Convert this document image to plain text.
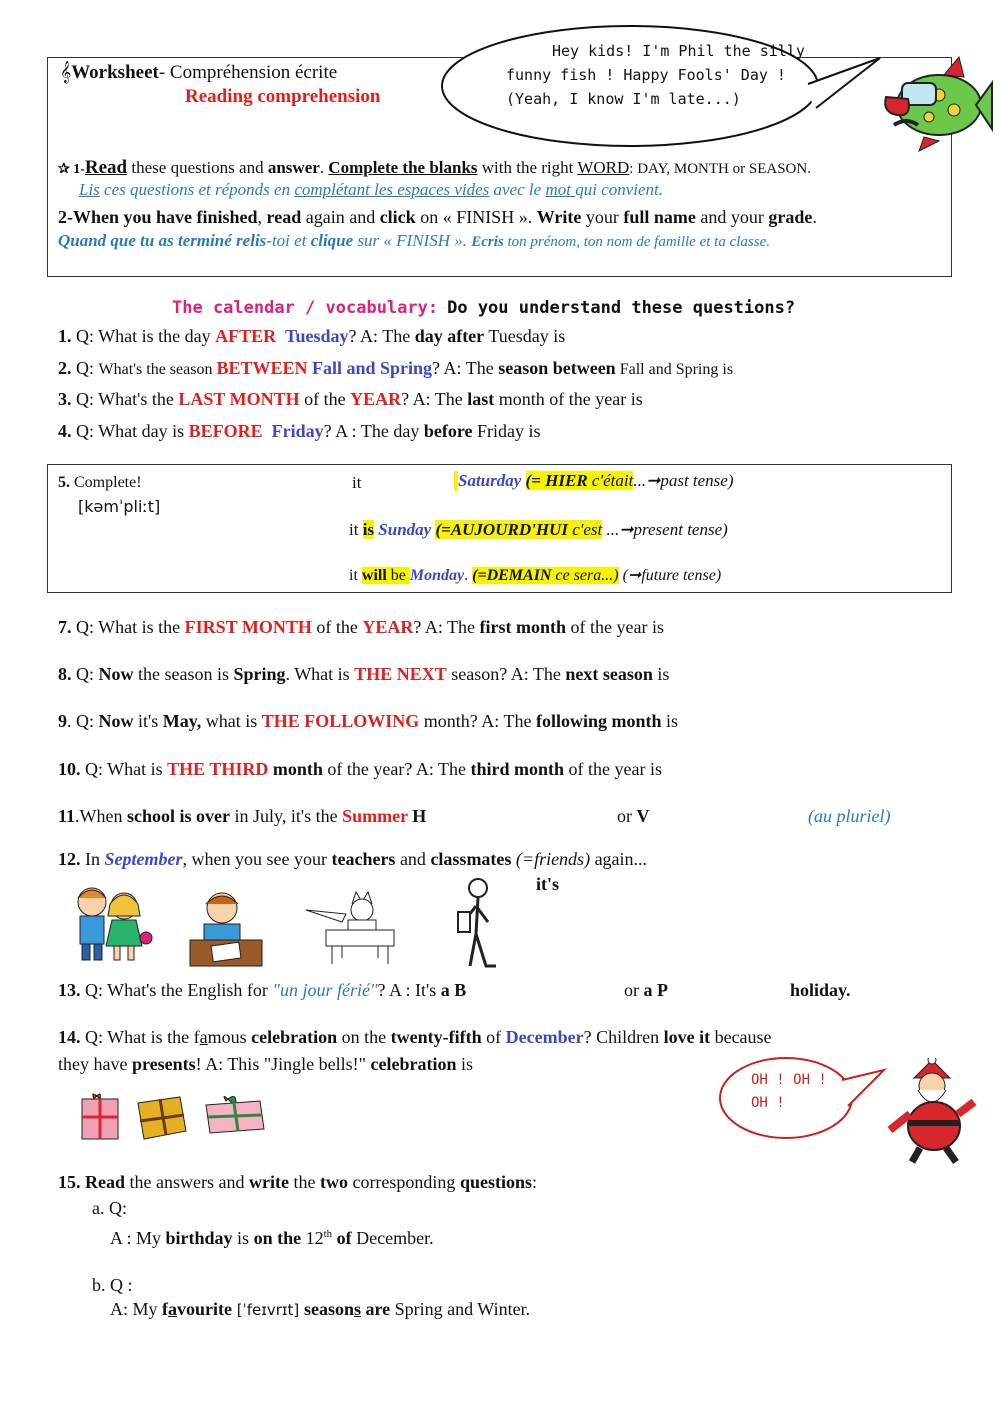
Hey kids! I'm Phil the silly
funny fish ! Happy Fools' Day !
(Yeah, I know I'm late...)
𝄞Worksheet- Compréhension écrite
Reading comprehension
✰ 1-Read these questions and answer. Complete the blanks with the right WORD: DAY, MONTH or SEASON.
Lis ces questions et réponds en complétant les espaces vides avec le mot qui convient.
2-When you have finished, read again and click on « FINISH ». Write your full name and your grade.
Quand que tu as terminé relis-toi et clique sur « FINISH ». Ecris ton prénom, ton nom de famille et ta classe.
The calendar / vocabulary: Do you understand these questions?
1. Q: What is the day AFTER Tuesday? A: The day after Tuesday is
2. Q: What's the season BETWEEN Fall and Spring? A: The season between Fall and Spring is
3. Q: What's the LAST MONTH of the YEAR? A: The last month of the year is
4. Q: What day is BEFORE Friday? A : The day before Friday is
5. Complete!
[kəmˈpliːt]
it	Saturday (= HIER c'était...➞past tense)
it is Sunday (=AUJOURD'HUI c'est ...➞present tense)
it will be Monday. (=DEMAIN ce sera...) (➞future tense)
7. Q: What is the FIRST MONTH of the YEAR? A: The first month of the year is
8. Q: Now the season is Spring. What is THE NEXT season? A: The next season is
9. Q: Now it's May, what is THE FOLLOWING month? A: The following month is
10. Q: What is THE THIRD month of the year? A: The third month of the year is
11.When school is over in July, it's the Summer H	or V	(au pluriel)
12. In September, when you see your teachers and classmates (=friends) again...
it's
13. Q: What's the English for "un jour férié"? A : It's a B	or a P	holiday.
14. Q: What is the famous celebration on the twenty-fifth of December? Children love it because
they have presents! A: This "Jingle bells!" celebration is
OH ! OH !
OH !
15. Read the answers and write the two corresponding questions:
a. Q:
A : My birthday is on the 12th of December.
b. Q :
A: My favourite [ˈfeɪvrɪt] seasons are Spring and Winter.
